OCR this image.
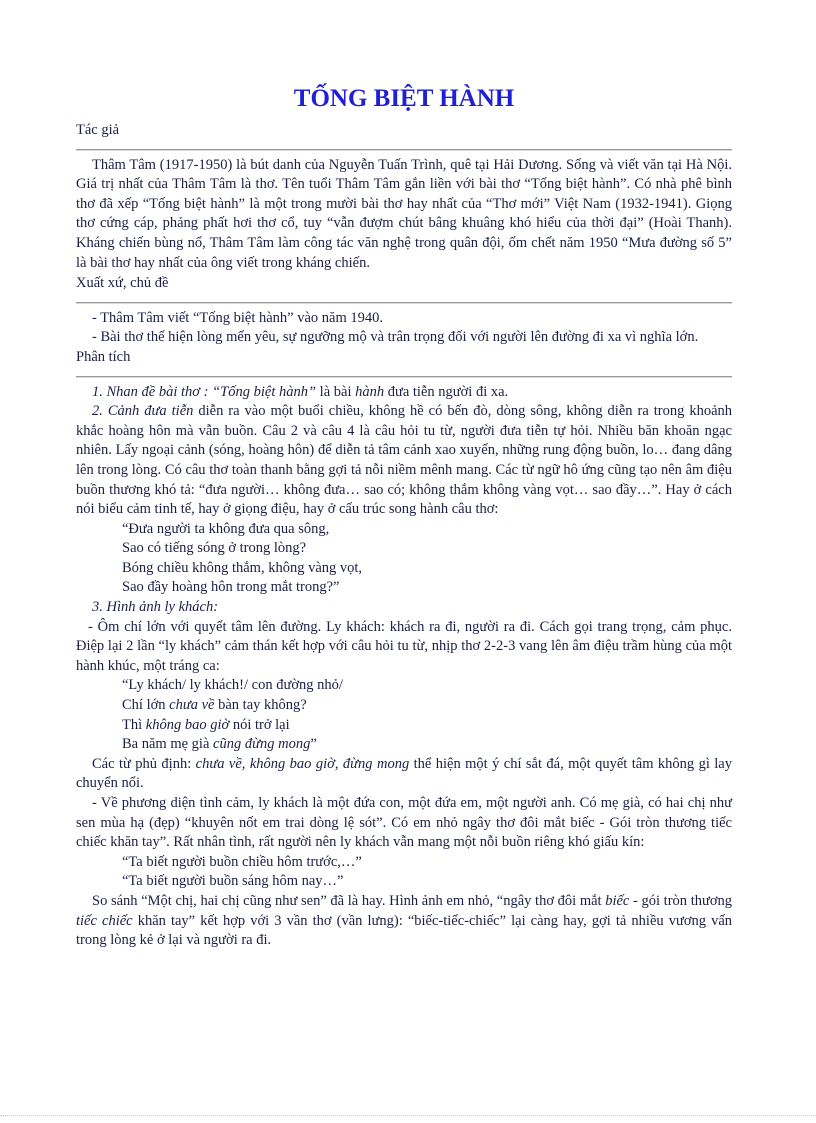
TỐNG BIỆT HÀNH
Tác giả

Thâm Tâm (1917-1950) là bút danh của Nguyễn Tuấn Trình, quê tại Hải Dương. Sống và viết văn tại Hà Nội. Giá trị nhất của Thâm Tâm là thơ. Tên tuổi Thâm Tâm gắn liền với bài thơ “Tống biệt hành”. Có nhà phê bình thơ đã xếp “Tống biệt hành” là một trong mười bài thơ hay nhất của “Thơ mới” Việt Nam (1932-1941). Giọng thơ cứng cáp, phảng phất hơi thơ cổ, tuy “vẫn đượm chút bâng khuâng khó hiểu của thời đại” (Hoài Thanh). Kháng chiến bùng nổ, Thâm Tâm làm công tác văn nghệ trong quân đội, ốm chết năm 1950 “Mưa đường số 5” là bài thơ hay nhất của ông viết trong kháng chiến.

Xuất xứ, chủ đề

- Thâm Tâm viết “Tống biệt hành” vào năm 1940.

- Bài thơ thể hiện lòng mến yêu, sự ngưỡng mộ và trân trọng đối với người lên đường đi xa vì nghĩa lớn.

Phân tích

1. Nhan đề bài thơ : “Tống biệt hành” là bài hành đưa tiễn người đi xa.

2. Cảnh đưa tiễn diễn ra vào một buổi chiều, không hề có bến đò, dòng sông, không diễn ra trong khoảnh khắc hoàng hôn mà vẫn buồn. Câu 2 và câu 4 là câu hỏi tu từ, người đưa tiễn tự hỏi. Nhiều băn khoăn ngạc nhiên. Lấy ngoại cảnh (sóng, hoàng hôn) để diễn tả tâm cảnh xao xuyến, những rung động buồn, lo… đang dâng lên trong lòng. Có câu thơ toàn thanh bằng gợi tả nỗi niềm mênh mang. Các từ ngữ hô ứng cũng tạo nên âm điệu buồn thương khó tả: “đưa người… không đưa… sao có; không thắm không vàng vọt… sao đầy…”. Hay ở cách nói biểu cảm tinh tế, hay ở giọng điệu, hay ở cấu trúc song hành câu thơ:

“Đưa người ta không đưa qua sông,
Sao có tiếng sóng ở trong lòng?
Bóng chiều không thắm, không vàng vọt,
Sao đầy hoàng hôn trong mắt trong?”

3. Hình ảnh ly khách:

- Ôm chí lớn với quyết tâm lên đường. Ly khách: khách ra đi, người ra đi. Cách gọi trang trọng, cảm phục. Điệp lại 2 lần “ly khách” cảm thán kết hợp với câu hỏi tu từ, nhịp thơ 2-2-3 vang lên âm điệu trầm hùng của một hành khúc, một tráng ca:

“Ly khách/ ly khách!/ con đường nhỏ/
Chí lớn chưa về bàn tay không?
Thì không bao giờ nói trở lại
Ba năm mẹ già cũng đừng mong”

Các từ phủ định: chưa về, không bao giờ, đừng mong thể hiện một ý chí sắt đá, một quyết tâm không gì lay chuyển nổi.

- Về phương diện tình cảm, ly khách là một đứa con, một đứa em, một người anh. Có mẹ già, có hai chị như sen mùa hạ (đẹp) “khuyên nốt em trai dòng lệ sót”. Có em nhỏ ngây thơ đôi mắt biếc - Gói tròn thương tiếc chiếc khăn tay”. Rất nhân tình, rất người nên ly khách vẫn mang một nỗi buồn riêng khó giấu kín:

“Ta biết người buồn chiều hôm trước,…”
“Ta biết người buồn sáng hôm nay…”

So sánh “Một chị, hai chị cũng như sen” đã là hay. Hình ảnh em nhỏ, “ngây thơ đôi mắt biếc - gói tròn thương tiếc chiếc khăn tay” kết hợp với 3 vần thơ (vần lưng): “biếc-tiếc-chiếc” lại càng hay, gợi tả nhiều vương vấn trong lòng kẻ ở lại và người ra đi.
